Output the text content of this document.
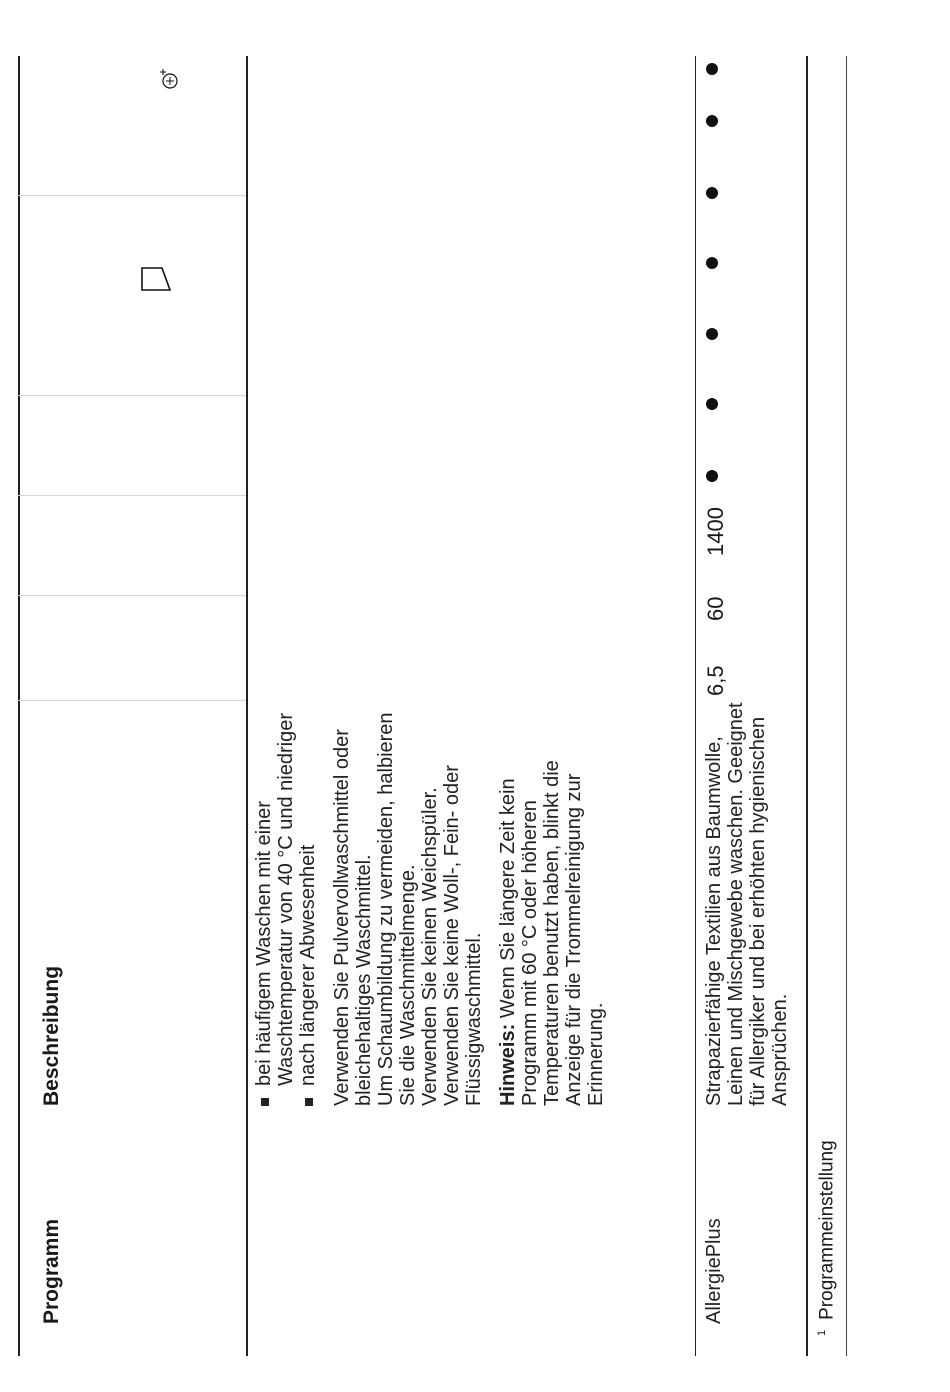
Programm
Beschreibung	bei häufigem Waschen mit einer Waschtemperatur von 40 °C und niedriger nach längerer Abwesenheit Verwenden Sie Pulvervollwaschmittel oder bleichehaltiges Waschmittel. Um Schaumbildung zu vermeiden, halbieren Sie die Waschmittelmenge. Verwenden Sie keinen Weichspüler. Verwenden Sie keine Woll-, Fein- oder Flüssigwaschmittel. Hinweis: Wenn Sie längere Zeit kein Programm mit 60 °C oder höheren Temperaturen benutzt haben, blinkt die Anzeige für die Trommelreinigung zur Erinnerung.

AllergiePlus
Strapazierfähige Textilien aus Baumwolle, Leinen und Mischgewebe waschen. Geeignet für Allergiker und bei erhöhten hygienischen Ansprüchen.
6,5
60
1400
$^1$Programmeinstellung
